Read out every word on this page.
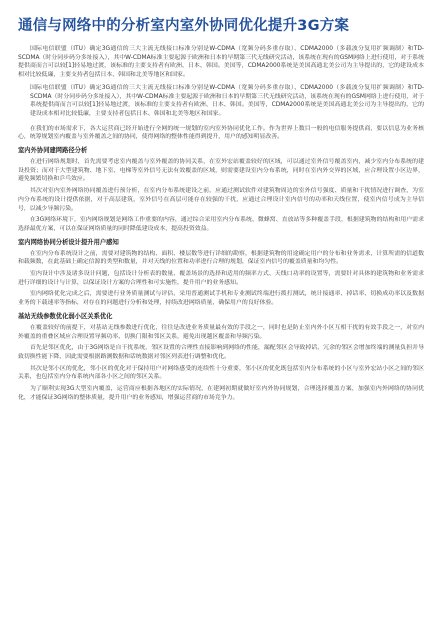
通信与网络中的分析室内室外协同优化提升3G方案

国际电信联盟（ITU）确定3G通信的三大主流无线接口标准分别是W-CDMA（宽频分码多重存取）、CDMA2000（多载波分复用扩频调制）和TD-SCDMA（时分同步码分多址接入），其中W-CDMA标准主要起源于欧洲和日本的早期第三代无线研究活动，该系统在现有的GSM网络上进行使用，对于系统提供商而言可以较[1]轻易地过渡，该标准的主要支持者有欧洲、日本、韩国。美国等，CDMA2000系统是美国高通北美公司为主导提出的，它的建设成本相对比较低廉，主要支持者包括日本、韩国和北美等地区和国家。

国际电信联盟（ITU）确定3G通信的三大主流无线接口标准分别是W-CDMA（宽频分码多重存取）、CDMA2000（多载波分复用扩频调制）和TD-SCDMA（时分同步码分多址接入），其中W-CDMA标准主要起源于欧洲和日本的早期第三代无线研究活动，该系统在现有的GSM网络上进行使用，对于系统提供商而言可以较[1]轻易地过渡，该标准的主要支持者有欧洲、日本、韩国。美国等，CDMA2000系统是美国高通北美公司为主导提出的，它的建设成本相对比较低廉，主要支持者包括日本、韩国和北美等地区和国家。

在我们的市场需求下，各大运营商已经开始进行全网的统一规划的室内室外协同优化工作。作为世界上数目一般的电信服务提供商，要以信息为业务核心，统筹规划室内覆盖与室外覆盖之间的协同，使得网络的整体性能得到提升，用户的感知明显改善。

室内外协同建网路径分析

在进行网络规划时，首先需要考虑室内覆盖与室外覆盖的协同关系，在室外宏站覆盖较好的区域，可以通过室外信号覆盖室内，减少室内分布系统的建设投资；而对于大型建筑物、地下室、电梯等室外信号无法有效覆盖的区域，则需要建设室内分布系统，同时在室内外交界的区域，应合理设置小区边界，避免频繁切换和乒乓效应。

其次对室内室外网络协同覆盖进行预分析，在室内分布系统建设之前，应通过测试软件对建筑物周边的室外信号强度、质量和干扰情况进行调查，为室内分布系统的设计提供依据，对于高层建筑，室外信号在高层可能存在较强的干扰，应通过合理设计室内信号的功率和天线位置，使室内信号成为主导信号，以减少导频污染。

在3G网络环境下，室内网络规划是网络工作重要的内容，通过综合采用室内分布系统、微蜂窝、直放站等多种覆盖手段，根据建筑物的结构和用户需求选择最优方案，可以在保证网络质量的同时降低建设成本，提高投资效益。

室内网络协同分析设计提升用户感知

在室内分布系统设计之前，需要对建筑物的结构、面积、楼层数等进行详细的勘察，根据建筑物的用途确定用户的分布和业务需求，计算所需的信道数和载频数，在此基础上确定信源的类型和数量，并对天线的位置和功率进行合理的规划，保证室内信号的覆盖质量和均匀性。

室内设计中涉及诸多设计问题，包括设计分析表的数量、覆盖场景的选择和适用的频率方式、天线口功率的设置等，需要针对具体的建筑物和业务需求进行详细的设计与计算，以保证设计方案的合理性和可实施性，提升用户的业务感知。

室内网络优化完成之后，需要进行业务质量测试与评估，采用普通测试手机和专业测试终端进行拨打测试，统计接通率、掉话率、切换成功率以及数据业务的下载速率等指标，对存在的问题进行分析和处理，持续改进网络质量，确保用户的良好体验。

基站无线参数优化弱小区关系优化

在覆盖较好的前提下，对基站无线参数进行优化，往往是改进业务质量最有效的手段之一，同时也是防止室内外小区互相干扰的有效手段之一，对室内外覆盖的重叠区域应合理设置导频功率、切换门限和邻区关系，避免出现越区覆盖和导频污染。

首先是邻区优化，由于3G网络是自干扰系统，邻区设置的合理性直接影响到网络的性能，漏配邻区会导致掉话，冗余的邻区会增加终端的测量负担并导致切换性能下降，因此需要根据路测数据和话统数据对邻区列表进行调整和优化。

其次是邻小区的优化，邻小区的优化对于保持用户对网络感受的连续性十分重要，邻小区的优化既包括室内分布系统的小区与室外宏站小区之间的邻区关系，也包括室内分布系统内部各小区之间的邻区关系。

为了顺利实现3G大型室内覆盖，运营商应根据各地区的实际情况，在建网初期就做好室内外协同规划，合理选择覆盖方案，加强室内外网络的协同优化，才能保证3G网络的整体质量，提升用户的业务感知，增强运营商的市场竞争力。
